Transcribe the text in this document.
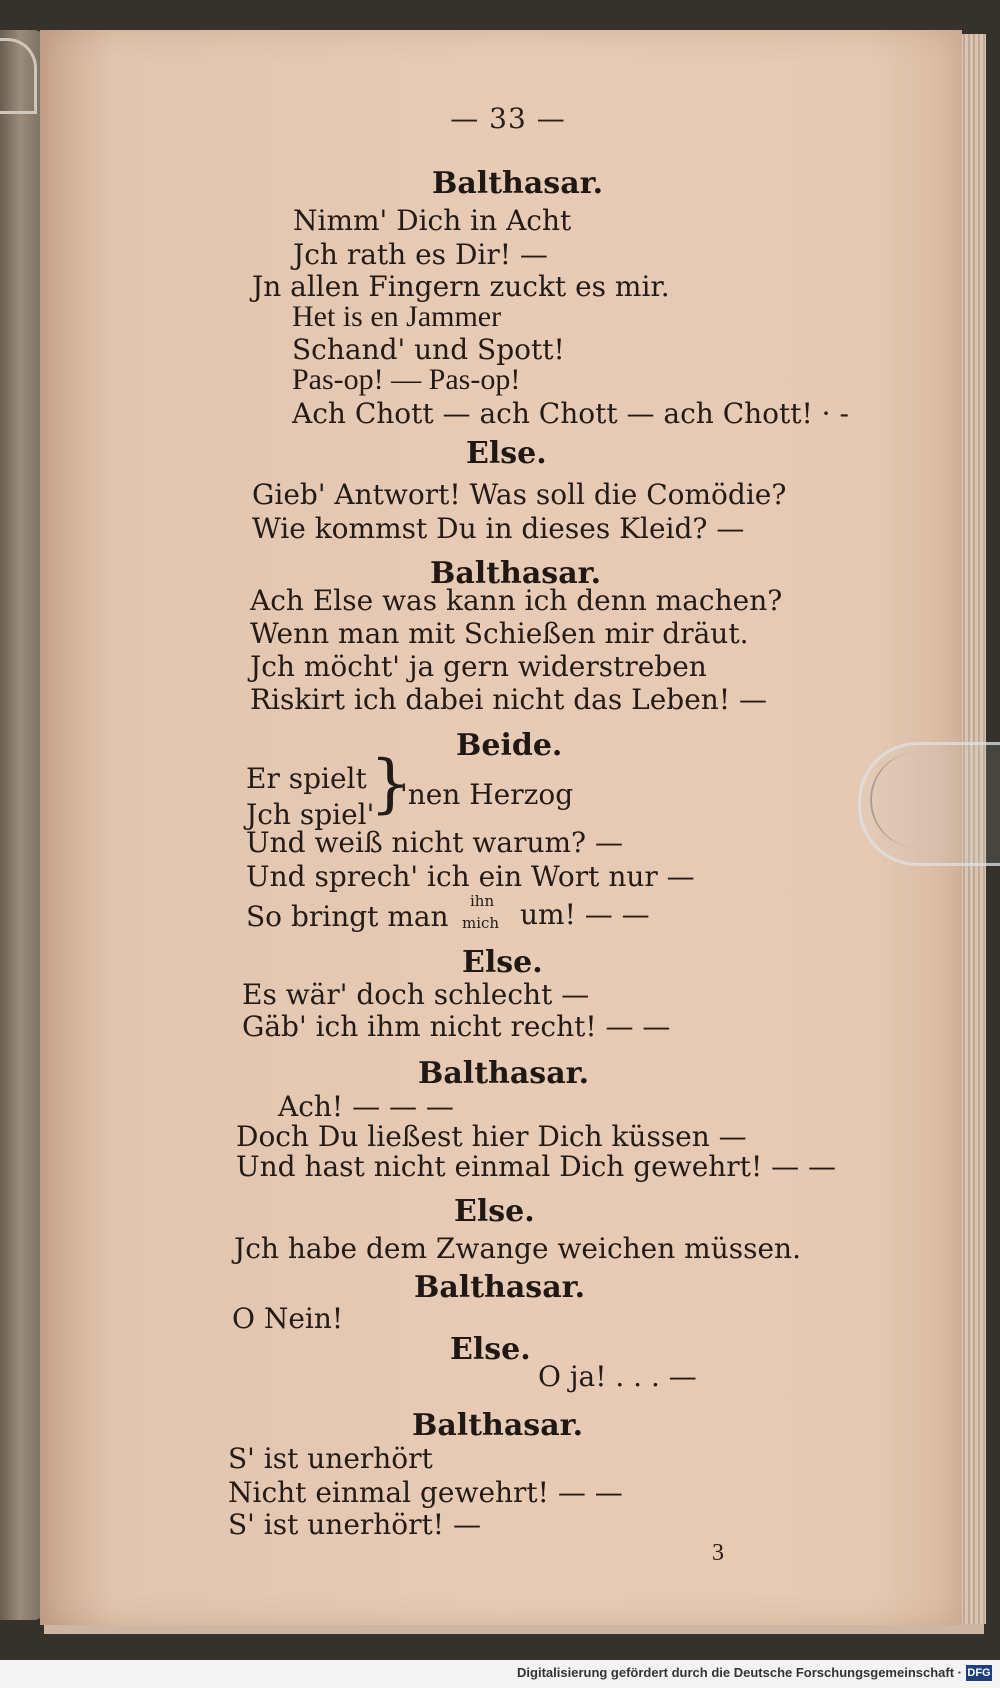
— 33 —
Balthasar.
Nimm' Dich in Acht
Jch rath es Dir! —
Jn allen Fingern zuckt es mir.
Het is en Jammer
Schand' und Spott!
Pas-op! — Pas-op!
Ach Chott — ach Chott — ach Chott! · -
Else.
Gieb' Antwort! Was soll die Comödie?
Wie kommst Du in dieses Kleid? —
Balthasar.
Ach Else was kann ich denn machen?
Wenn man mit Schießen mir dräut.
Jch möcht' ja gern widerstreben
Riskirt ich dabei nicht das Leben! —
Beide.
Er spielt
Jch spiel'
}
'nen Herzog
Und weiß nicht warum? —
Und sprech' ich ein Wort nur —
So bringt man ihn
mich um! — —
Else.
Es wär' doch schlecht —
Gäb' ich ihm nicht recht! — —
Balthasar.
Ach! — — —
Doch Du ließest hier Dich küssen —
Und hast nicht einmal Dich gewehrt! — —
Else.
Jch habe dem Zwange weichen müssen.
Balthasar.
O Nein!
Else.
O ja! . . . —
Balthasar.
S' ist unerhört
Nicht einmal gewehrt! — —
S' ist unerhört! —
3
Digitalisierung gefördert durch die Deutsche Forschungsgemeinschaft · DFG
